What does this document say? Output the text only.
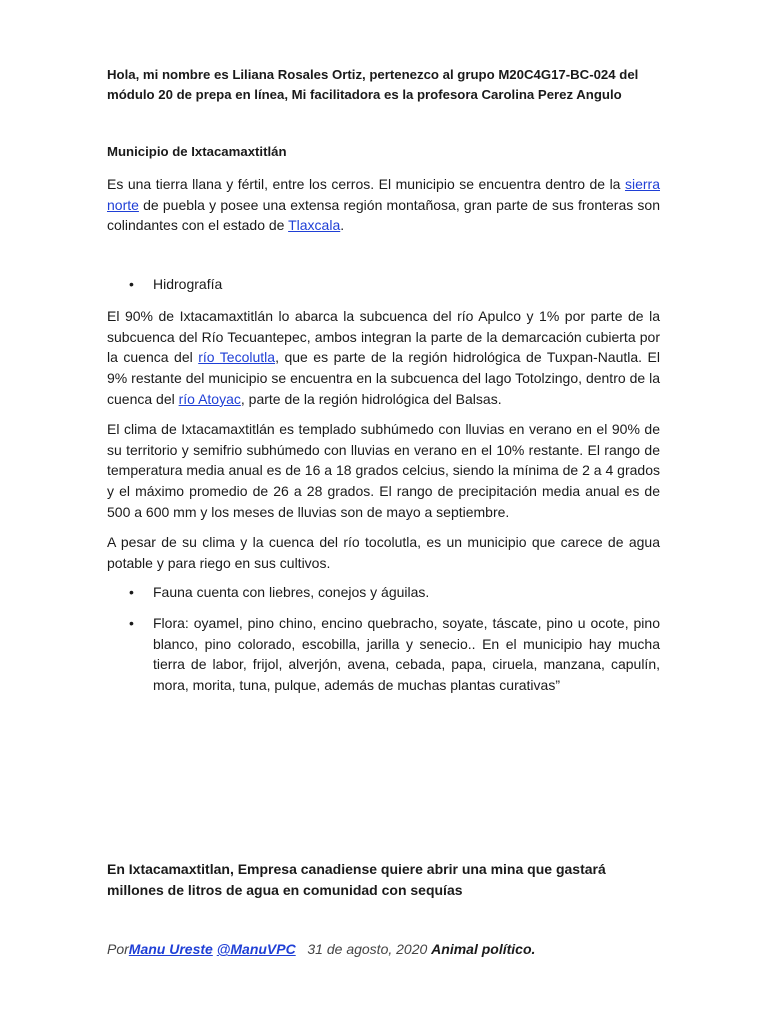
Hola, mi nombre es Liliana Rosales Ortiz, pertenezco al grupo M20C4G17-BC-024 del módulo 20 de prepa en línea, Mi facilitadora es la profesora Carolina Perez Angulo
Municipio de Ixtacamaxtitlán
Es una tierra llana y fértil, entre los cerros. El municipio se encuentra dentro de la sierra norte de puebla y posee una extensa región montañosa, gran parte de sus fronteras son colindantes con el estado de Tlaxcala.
• Hidrografía
El 90% de Ixtacamaxtitlán lo abarca la subcuenca del río Apulco y 1% por parte de la subcuenca del Río Tecuantepec, ambos integran la parte de la demarcación cubierta por la cuenca del río Tecolutla, que es parte de la región hidrológica de Tuxpan-Nautla. El 9% restante del municipio se encuentra en la subcuenca del lago Totolzingo, dentro de la cuenca del río Atoyac, parte de la región hidrológica del Balsas.
El clima de Ixtacamaxtitlán es templado subhúmedo con lluvias en verano en el 90% de su territorio y semifrio subhúmedo con lluvias en verano en el 10% restante. El rango de temperatura media anual es de 16 a 18 grados celcius, siendo la mínima de 2 a 4 grados y el máximo promedio de 26 a 28 grados. El rango de precipitación media anual es de 500 a 600 mm y los meses de lluvias son de mayo a septiembre.
A pesar de su clima y la cuenca del río tocolutla, es un municipio que carece de agua potable y para riego en sus cultivos.
• Fauna cuenta con liebres, conejos y águilas.
• Flora: oyamel, pino chino, encino quebracho, soyate, táscate, pino u ocote, pino blanco, pino colorado, escobilla, jarilla y senecio.. En el municipio hay mucha tierra de labor, frijol, alverjón, avena, cebada, papa, ciruela, manzana, capulín, mora, morita, tuna, pulque, además de muchas plantas curativas”
En Ixtacamaxtitlan, Empresa canadiense quiere abrir una mina que gastará millones de litros de agua en comunidad con sequías
PorManu Ureste @ManuVPC 31 de agosto, 2020 Animal político.
